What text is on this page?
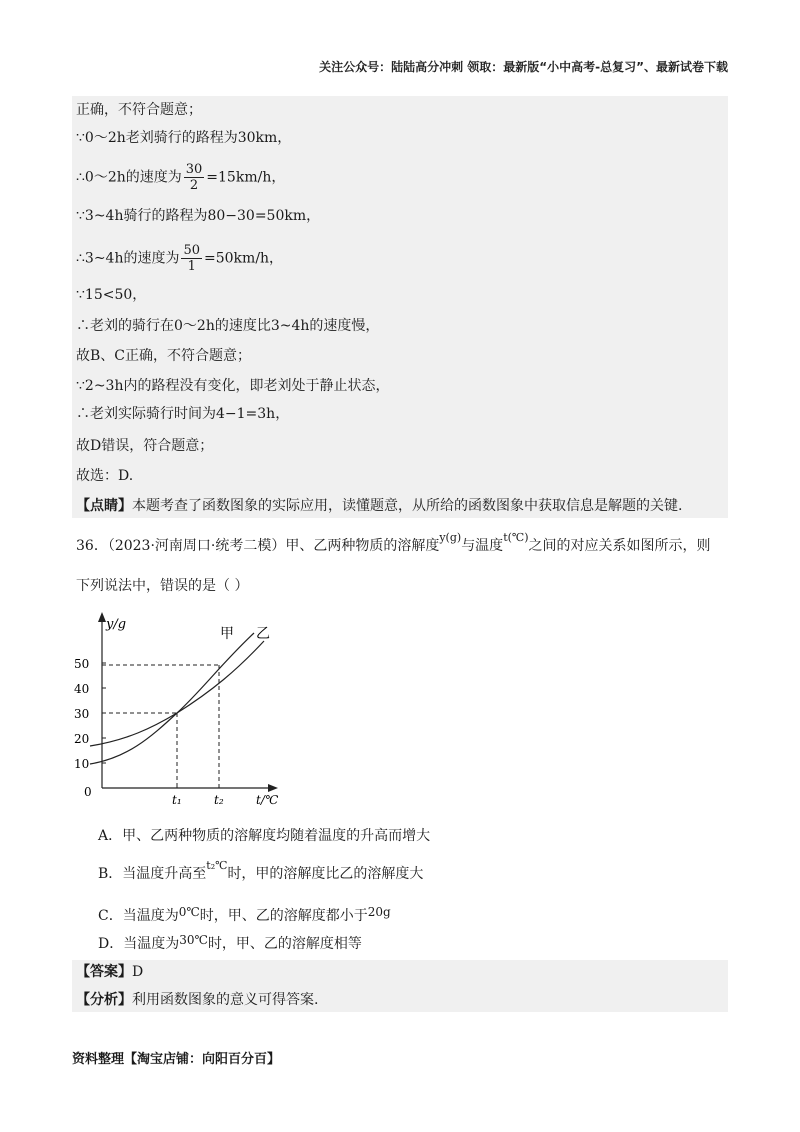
关注公众号：陆陆高分冲刺 领取：最新版“小中高考-总复习”、最新试卷下载
正确，不符合题意；
∵0～2h老刘骑行的路程为30km，
∴0～2h的速度为 $\frac{30}{2} =15km/h$，
∵3~4h骑行的路程为80−30=50km，
∴3~4h的速度为 $\frac{50}{1} =50km/h$，
∵15<50，
∴老刘的骑行在0～2h的速度比3~4h的速度慢，
故B、C正确，不符合题意；
∵2~3h内的路程没有变化，即老刘处于静止状态，
∴老刘实际骑行时间为4−1=3h，
故D错误，符合题意；
故选：D.
【点睛】本题考查了函数图象的实际应用，读懂题意，从所给的函数图象中获取信息是解题的关键.
36．（2023·河南周口·统考二模）甲、乙两种物质的溶解度$^{y(g)}$与温度$^{t(℃)}$之间的对应关系如图所示，则
下列说法中，错误的是（ ）
y/g
甲 乙
10
20
30
40
50
0
t₁	t₂	t/℃
A．甲、乙两种物质的溶解度均随着温度的升高而增大
B．当温度升高至$^{t_2℃}$时，甲的溶解度比乙的溶解度大
C．当温度为0℃时，甲、乙的溶解度都小于20g
D．当温度为30℃时，甲、乙的溶解度相等
【答案】D
【分析】利用函数图象的意义可得答案.
资料整理【淘宝店铺：向阳百分百】
